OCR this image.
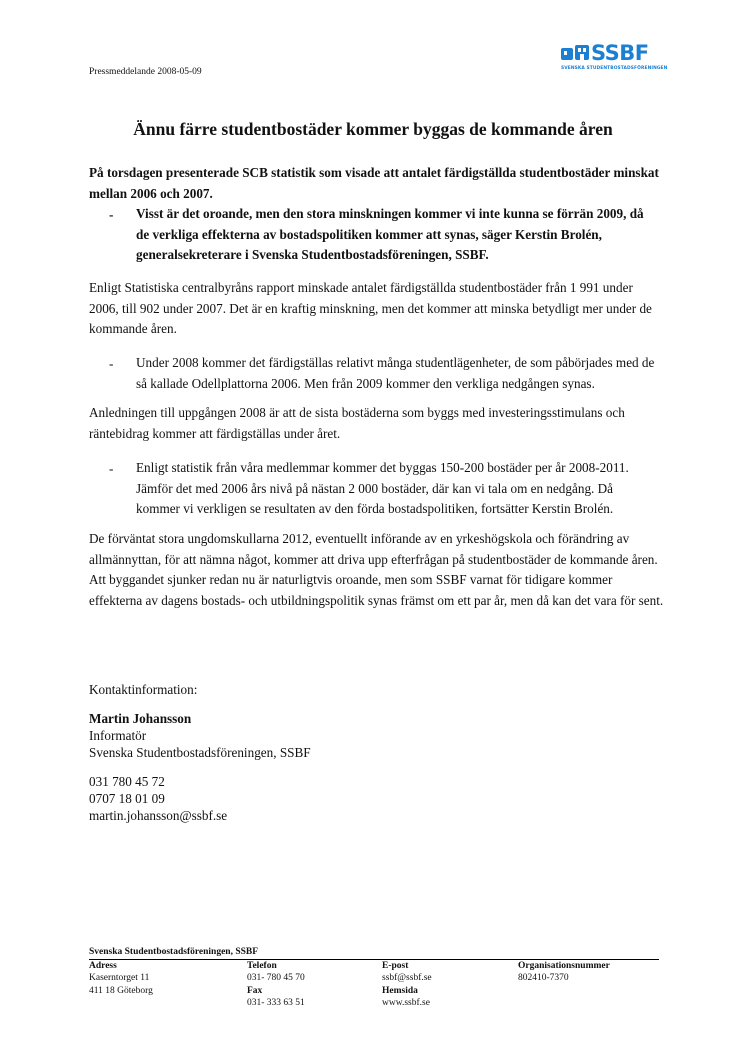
Pressmeddelande 2008-05-09
SSBF
SVENSKA STUDENTBOSTADSFÖRENINGEN
Ännu färre studentbostäder kommer byggas de kommande åren
På torsdagen presenterade SCB statistik som visade att antalet färdigställda studentbostäder minskat mellan 2006 och 2007.
- Visst är det oroande, men den stora minskningen kommer vi inte kunna se förrän 2009, då de verkliga effekterna av bostadspolitiken kommer att synas, säger Kerstin Brolén, generalsekreterare i Svenska Studentbostadsföreningen, SSBF.
Enligt Statistiska centralbyråns rapport minskade antalet färdigställda studentbostäder från 1 991 under 2006, till 902 under 2007. Det är en kraftig minskning, men det kommer att minska betydligt mer under de kommande åren.
- Under 2008 kommer det färdigställas relativt många studentlägenheter, de som påbörjades med de så kallade Odellplattorna 2006. Men från 2009 kommer den verkliga nedgången synas.
Anledningen till uppgången 2008 är att de sista bostäderna som byggs med investeringsstimulans och räntebidrag kommer att färdigställas under året.
- Enligt statistik från våra medlemmar kommer det byggas 150-200 bostäder per år 2008-2011. Jämför det med 2006 års nivå på nästan 2 000 bostäder, där kan vi tala om en nedgång. Då kommer vi verkligen se resultaten av den förda bostadspolitiken, fortsätter Kerstin Brolén.
De förväntat stora ungdomskullarna 2012, eventuellt införande av en yrkeshögskola och förändring av allmännyttan, för att nämna något, kommer att driva upp efterfrågan på studentbostäder de kommande åren. Att byggandet sjunker redan nu är naturligtvis oroande, men som SSBF varnat för tidigare kommer effekterna av dagens bostads- och utbildningspolitik synas främst om ett par år, men då kan det vara för sent.
Kontaktinformation:
Martin Johansson
Informatör
Svenska Studentbostadsföreningen, SSBF
031 780 45 72
0707 18 01 09
martin.johansson@ssbf.se
Svenska Studentbostadsföreningen, SSBF
Adress
Kaserntorget 11
411 18 Göteborg
Telefon
031- 780 45 70
Fax
031- 333 63 51
E-post
ssbf@ssbf.se
Hemsida
www.ssbf.se
Organisationsnummer
802410-7370
